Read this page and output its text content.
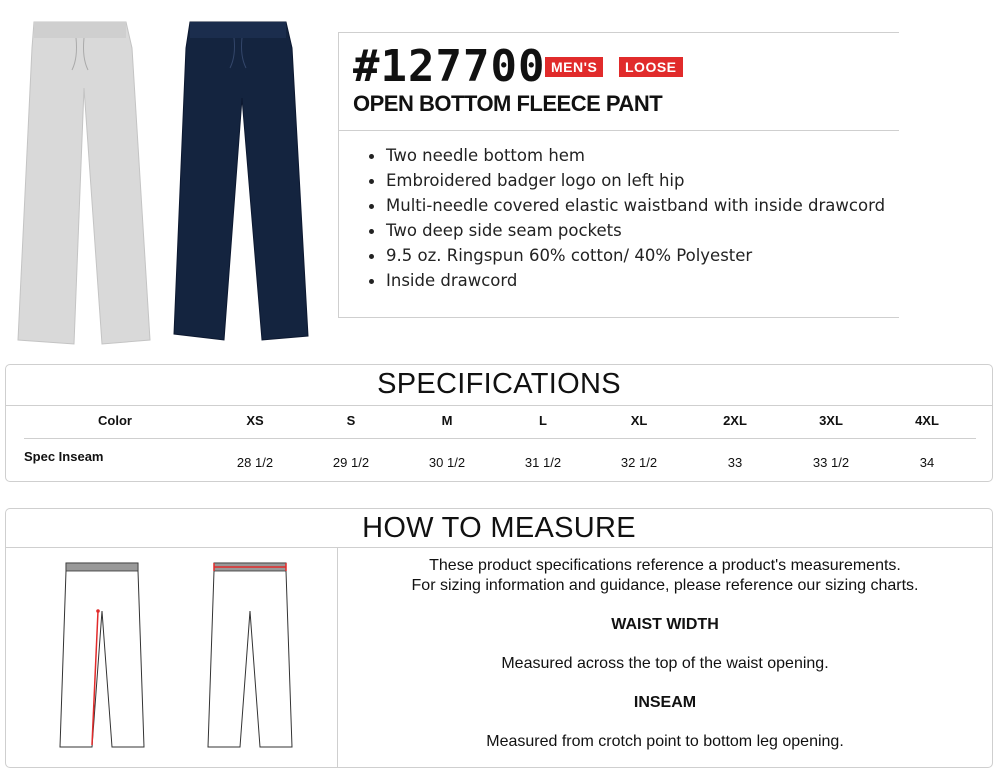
#127700 MEN'S	LOOSE
OPEN BOTTOM FLEECE PANT
Two needle bottom hem
Embroidered badger logo on left hip
Multi-needle covered elastic waistband with inside drawcord
Two deep side seam pockets
9.5 oz. Ringspun 60% cotton/ 40% Polyester
Inside drawcord
SPECIFICATIONS
Color	XS	S	M	L	XL	2XL	3XL	4XL
Spec Inseam	28 1/2	29 1/2	30 1/2	31 1/2	32 1/2	33	33 1/2	34
HOW TO MEASURE
These product specifications reference a product's measurements.
For sizing information and guidance, please reference our sizing charts.
WAIST WIDTH
Measured across the top of the waist opening.
INSEAM
Measured from crotch point to bottom leg opening.
